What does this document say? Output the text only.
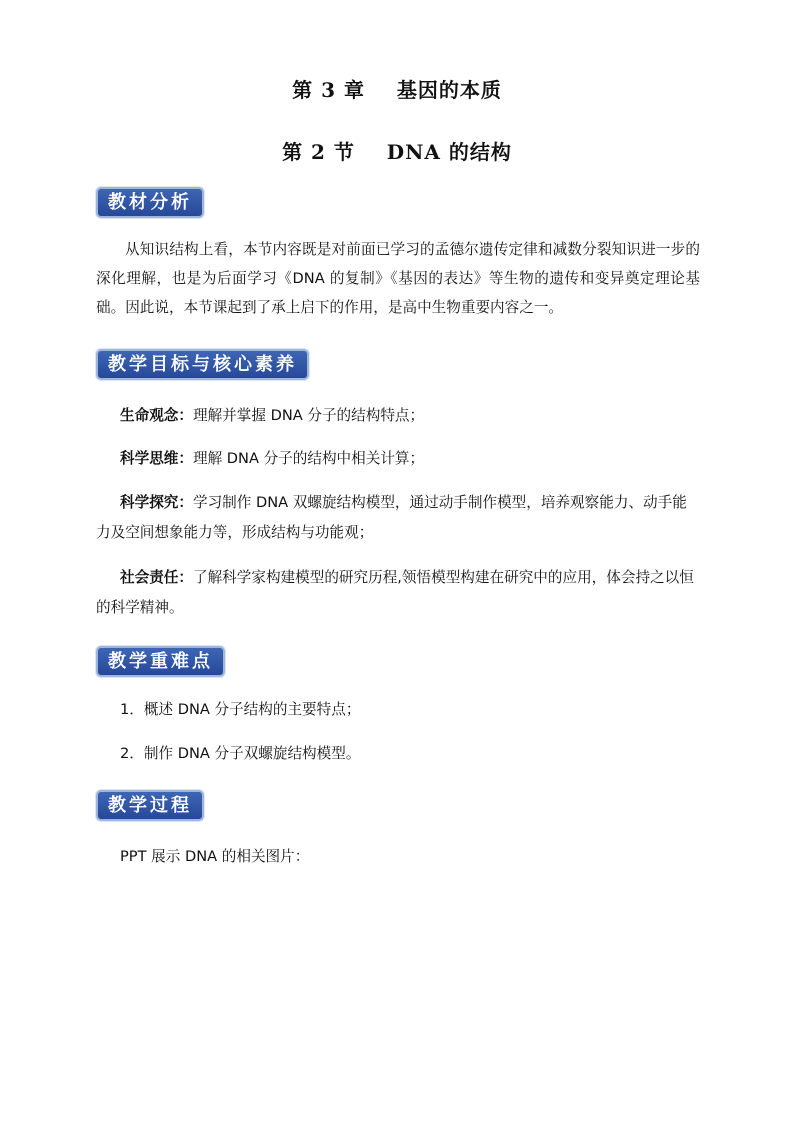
第 3 章    基因的本质
第 2 节    DNA 的结构
教材分析
从知识结构上看，本节内容既是对前面已学习的孟德尔遗传定律和减数分裂知识进一步的深化理解，也是为后面学习《DNA 的复制》《基因的表达》等生物的遗传和变异奠定理论基础。因此说，本节课起到了承上启下的作用，是高中生物重要内容之一。
教学目标与核心素养
生命观念：理解并掌握 DNA 分子的结构特点；
科学思维：理解 DNA 分子的结构中相关计算；
科学探究：学习制作 DNA 双螺旋结构模型，通过动手制作模型，培养观察能力、动手能力及空间想象能力等，形成结构与功能观；
社会责任：了解科学家构建模型的研究历程,领悟模型构建在研究中的应用，体会持之以恒的科学精神。
教学重难点
1．概述 DNA 分子结构的主要特点；
2．制作 DNA 分子双螺旋结构模型。
教学过程
PPT 展示 DNA 的相关图片：
